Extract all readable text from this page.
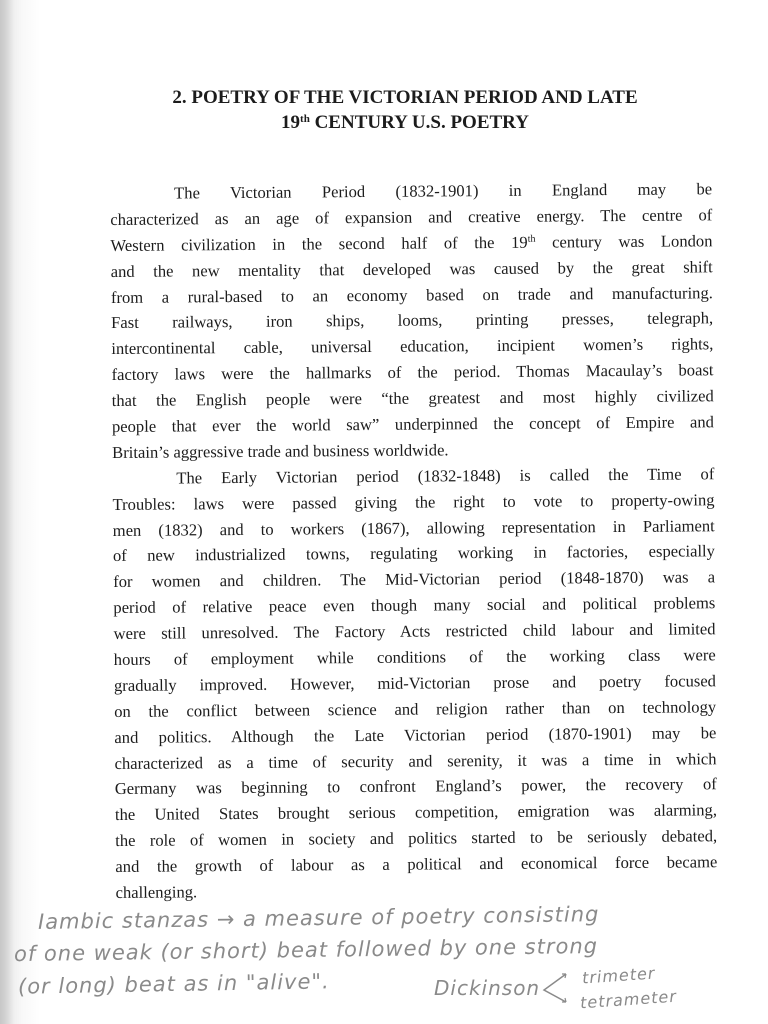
2. POETRY OF THE VICTORIAN PERIOD AND LATE
19th CENTURY U.S. POETRY
The Victorian Period (1832-1901) in England may be
characterized as an age of expansion and creative energy. The centre of
Western civilization in the second half of the 19th century was London
and the new mentality that developed was caused by the great shift
from a rural-based to an economy based on trade and manufacturing.
Fast railways, iron ships, looms, printing presses, telegraph,
intercontinental cable, universal education, incipient women’s rights,
factory laws were the hallmarks of the period. Thomas Macaulay’s boast
that the English people were “the greatest and most highly civilized
people that ever the world saw” underpinned the concept of Empire and
Britain’s aggressive trade and business worldwide.
The Early Victorian period (1832-1848) is called the Time of
Troubles: laws were passed giving the right to vote to property-owing
men (1832) and to workers (1867), allowing representation in Parliament
of new industrialized towns, regulating working in factories, especially
for women and children. The Mid-Victorian period (1848-1870) was a
period of relative peace even though many social and political problems
were still unresolved. The Factory Acts restricted child labour and limited
hours of employment while conditions of the working class were
gradually improved. However, mid-Victorian prose and poetry focused
on the conflict between science and religion rather than on technology
and politics. Although the Late Victorian period (1870-1901) may be
characterized as a time of security and serenity, it was a time in which
Germany was beginning to confront England’s power, the recovery of
the United States brought serious competition, emigration was alarming,
the role of women in society and politics started to be seriously debated,
and the growth of labour as a political and economical force became
challenging.
Iambic stanzas → a measure of poetry consisting
of one weak (or short) beat followed by one strong
(or long) beat as in "alive".	Dickinson
trimeter
tetrameter
